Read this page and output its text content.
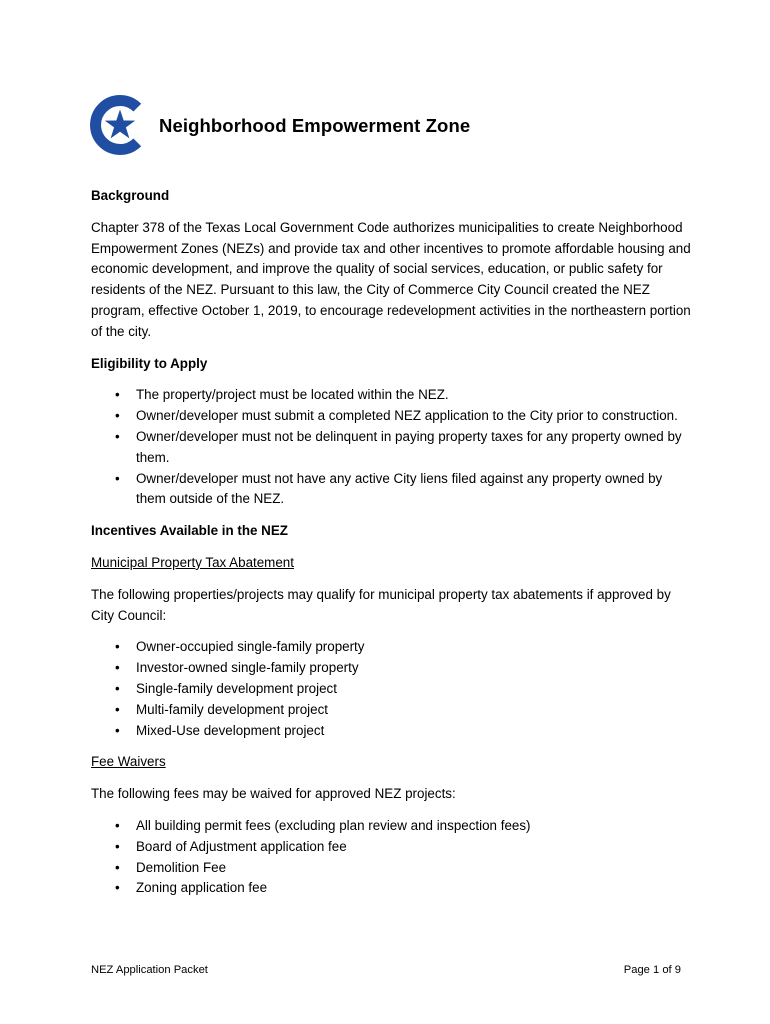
Neighborhood Empowerment Zone
Background

Chapter 378 of the Texas Local Government Code authorizes municipalities to create Neighborhood Empowerment Zones (NEZs) and provide tax and other incentives to promote affordable housing and economic development, and improve the quality of social services, education, or public safety for residents of the NEZ. Pursuant to this law, the City of Commerce City Council created the NEZ program, effective October 1, 2019, to encourage redevelopment activities in the northeastern portion of the city.

Eligibility to Apply
• The property/project must be located within the NEZ.
• Owner/developer must submit a completed NEZ application to the City prior to construction.
• Owner/developer must not be delinquent in paying property taxes for any property owned by them.
• Owner/developer must not have any active City liens filed against any property owned by them outside of the NEZ.
Incentives Available in the NEZ
Municipal Property Tax Abatement

The following properties/projects may qualify for municipal property tax abatements if approved by City Council:

• Owner-occupied single-family property
• Investor-owned single-family property
• Single-family development project
• Multi-family development project
• Mixed-Use development project
Fee Waivers

The following fees may be waived for approved NEZ projects:

• All building permit fees (excluding plan review and inspection fees)
• Board of Adjustment application fee
• Demolition Fee
• Zoning application fee
NEZ Application Packet	Page 1 of 9
